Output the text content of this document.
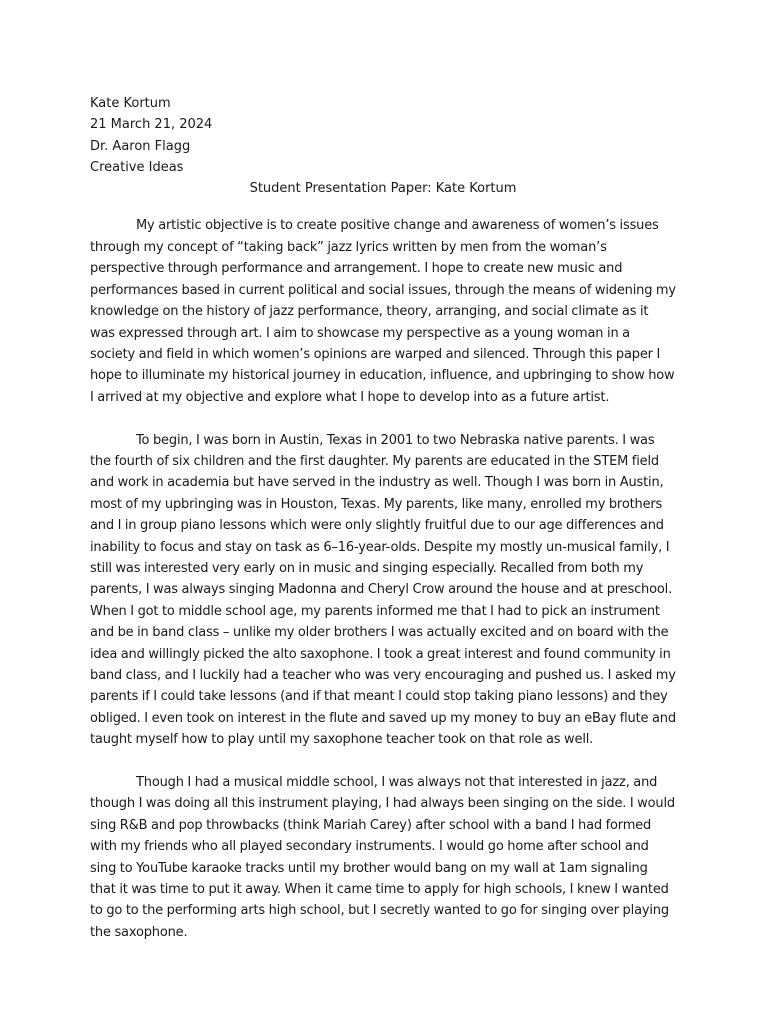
Kate Kortum
21 March 21, 2024
Dr. Aaron Flagg
Creative Ideas
Student Presentation Paper: Kate Kortum

My artistic objective is to create positive change and awareness of women’s issues through my concept of “taking back” jazz lyrics written by men from the woman’s perspective through performance and arrangement. I hope to create new music and performances based in current political and social issues, through the means of widening my knowledge on the history of jazz performance, theory, arranging, and social climate as it was expressed through art. I aim to showcase my perspective as a young woman in a society and field in which women’s opinions are warped and silenced. Through this paper I hope to illuminate my historical journey in education, influence, and upbringing to show how I arrived at my objective and explore what I hope to develop into as a future artist.

To begin, I was born in Austin, Texas in 2001 to two Nebraska native parents. I was the fourth of six children and the first daughter. My parents are educated in the STEM field and work in academia but have served in the industry as well. Though I was born in Austin, most of my upbringing was in Houston, Texas. My parents, like many, enrolled my brothers and I in group piano lessons which were only slightly fruitful due to our age differences and inability to focus and stay on task as 6–16-year-olds. Despite my mostly un-musical family, I still was interested very early on in music and singing especially. Recalled from both my parents, I was always singing Madonna and Cheryl Crow around the house and at preschool. When I got to middle school age, my parents informed me that I had to pick an instrument and be in band class – unlike my older brothers I was actually excited and on board with the idea and willingly picked the alto saxophone. I took a great interest and found community in band class, and I luckily had a teacher who was very encouraging and pushed us. I asked my parents if I could take lessons (and if that meant I could stop taking piano lessons) and they obliged. I even took on interest in the flute and saved up my money to buy an eBay flute and taught myself how to play until my saxophone teacher took on that role as well.

Though I had a musical middle school, I was always not that interested in jazz, and though I was doing all this instrument playing, I had always been singing on the side. I would sing R&B and pop throwbacks (think Mariah Carey) after school with a band I had formed with my friends who all played secondary instruments. I would go home after school and sing to YouTube karaoke tracks until my brother would bang on my wall at 1am signaling that it was time to put it away. When it came time to apply for high schools, I knew I wanted to go to the performing arts high school, but I secretly wanted to go for singing over playing the saxophone.
